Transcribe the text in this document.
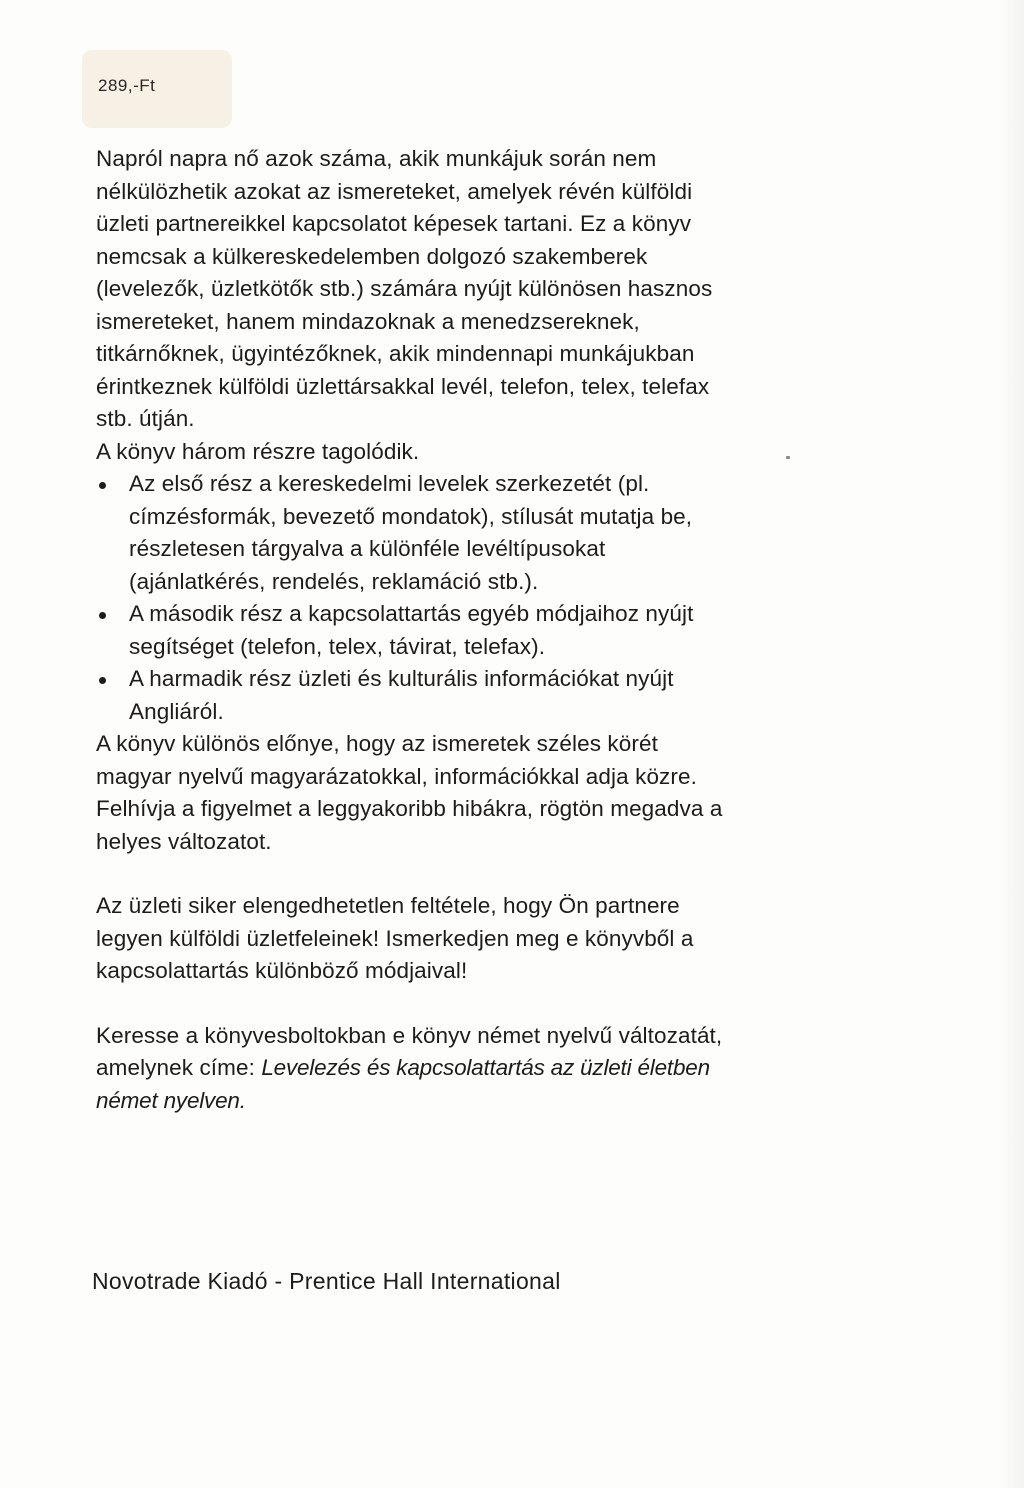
289,-Ft

Napról napra nő azok száma, akik munkájuk során nem
nélkülözhetik azokat az ismereteket, amelyek révén külföldi
üzleti partnereikkel kapcsolatot képesek tartani. Ez a könyv
nemcsak a külkereskedelemben dolgozó szakemberek
(levelezők, üzletkötők stb.) számára nyújt különösen hasznos
ismereteket, hanem mindazoknak a menedzsereknek,
titkárnőknek, ügyintézőknek, akik mindennapi munkájukban
érintkeznek külföldi üzlettársakkal levél, telefon, telex, telefax
stb. útján.

A könyv három részre tagolódik.

Az első rész a kereskedelmi levelek szerkezetét (pl.
címzésformák, bevezető mondatok), stílusát mutatja be,
részletesen tárgyalva a különféle levéltípusokat
(ajánlatkérés, rendelés, reklamáció stb.).
A második rész a kapcsolattartás egyéb módjaihoz nyújt
segítséget (telefon, telex, távirat, telefax).
A harmadik rész üzleti és kulturális információkat nyújt
Angliáról.

A könyv különös előnye, hogy az ismeretek széles körét
magyar nyelvű magyarázatokkal, információkkal adja közre.
Felhívja a figyelmet a leggyakoribb hibákra, rögtön megadva a
helyes változatot.

Az üzleti siker elengedhetetlen feltétele, hogy Ön partnere
legyen külföldi üzletfeleinek! Ismerkedjen meg e könyvből a
kapcsolattartás különböző módjaival!

Keresse a könyvesboltokban e könyv német nyelvű változatát,
amelynek címe: Levelezés és kapcsolattartás az üzleti életben
német nyelven.

Novotrade Kiadó - Prentice Hall International
